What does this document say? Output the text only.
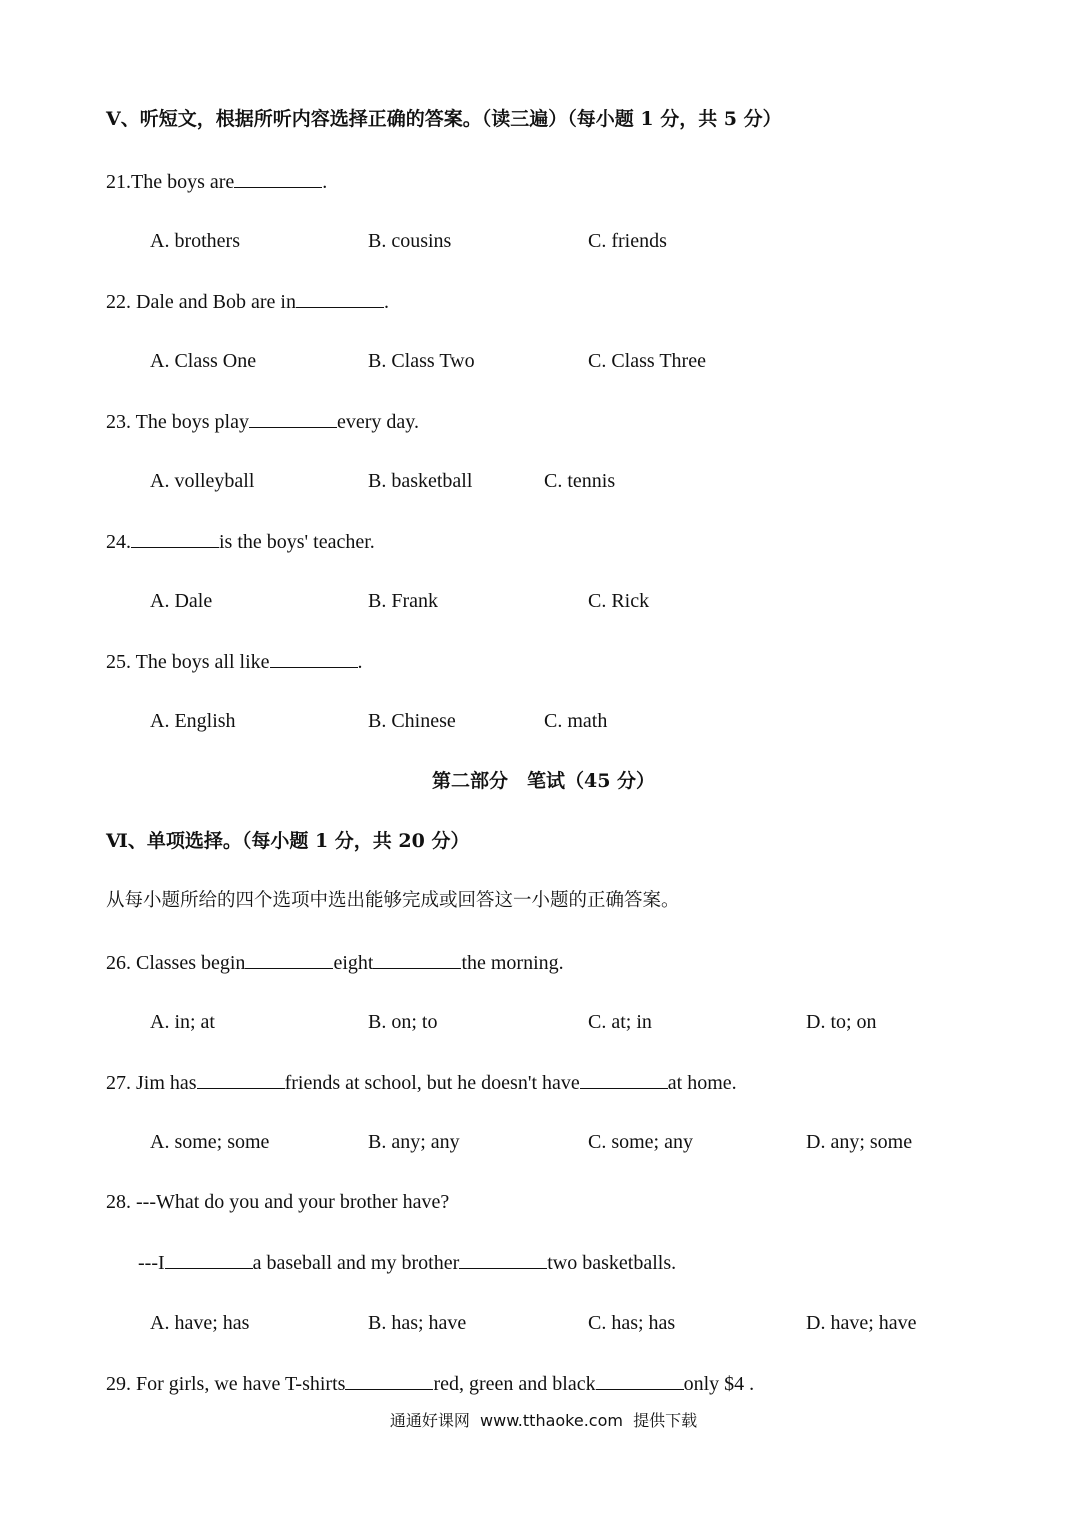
Ⅴ、听短文，根据所听内容选择正确的答案。（读三遍）（每小题 1 分，共 5 分）
21.The boys are	.
A. brothers	B. cousins	C. friends
22. Dale and Bob are in	.
A. Class One	B. Class Two	C. Class Three
23. The boys play	every day.
A. volleyball	B. basketball	C. tennis
24.	is the boys' teacher.
A. Dale	B. Frank	C. Rick
25. The boys all like	.
A. English	B. Chinese	C. math
第二部分　笔试（45 分）
Ⅵ、单项选择。（每小题 1 分，共 20 分）
从每小题所给的四个选项中选出能够完成或回答这一小题的正确答案。
26. Classes begin	eight	the morning.
A. in; at	B. on; to	C. at; in	D. to; on
27. Jim has	friends at school, but he doesn't have	at home.
A. some; some	B. any; any	C. some; any	D. any; some
28. ---What do you and your brother have?
---I	a baseball and my brother	two basketballs.
A. have; has	B. has; have	C. has; has	D. have; have
29. For girls, we have T-shirts	red, green and black	only $4 .
通通好课网  www.tthaoke.com  提供下载
